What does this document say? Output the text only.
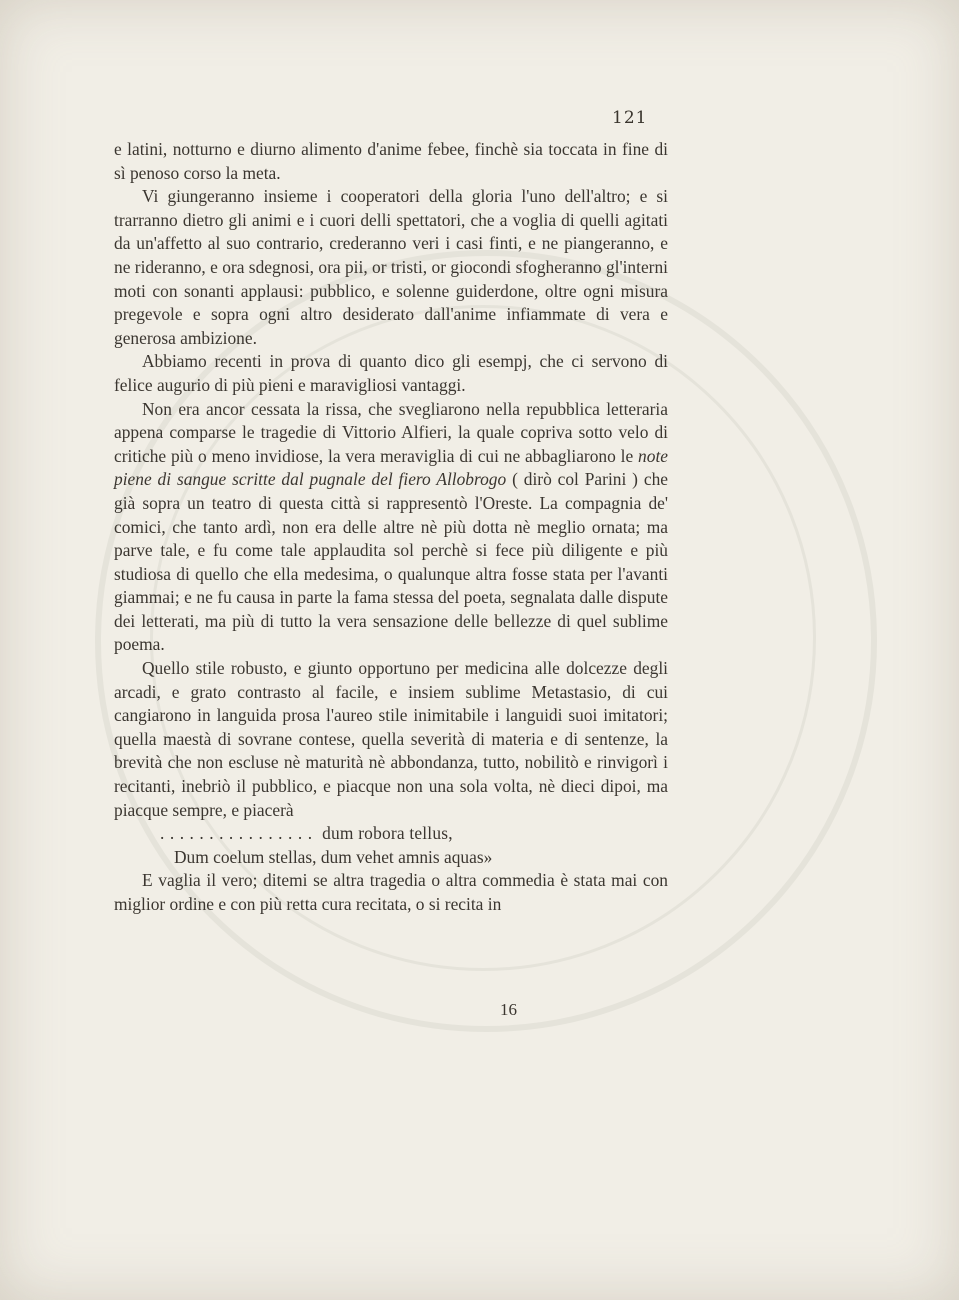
121

e latini, notturno e diurno alimento d'anime febee, finchè sia toccata in fine di sì penoso corso la meta.

Vi giungeranno insieme i cooperatori della gloria l'uno dell'altro; e si trarranno dietro gli animi e i cuori delli spettatori, che a voglia di quelli agitati da un'affetto al suo contrario, crederanno veri i casi finti, e ne piangeranno, e ne rideranno, e ora sdegnosi, ora pii, or tristi, or giocondi sfogheranno gl'interni moti con sonanti applausi: pubblico, e solenne guiderdone, oltre ogni misura pregevole e sopra ogni altro desiderato dall'anime infiammate di vera e generosa ambizione.

Abbiamo recenti in prova di quanto dico gli esempj, che ci servono di felice augurio di più pieni e maravigliosi vantaggi.

Non era ancor cessata la rissa, che svegliarono nella repubblica letteraria appena comparse le tragedie di Vittorio Alfieri, la quale copriva sotto velo di critiche più o meno invidiose, la vera meraviglia di cui ne abbagliarono le note piene di sangue scritte dal pugnale del fiero Allobrogo ( dirò col Parini ) che già sopra un teatro di questa città si rappresentò l'Oreste. La compagnia de' comici, che tanto ardì, non era delle altre nè più dotta nè meglio ornata; ma parve tale, e fu come tale applaudita sol perchè si fece più diligente e più studiosa di quello che ella medesima, o qualunque altra fosse stata per l'avanti giammai; e ne fu causa in parte la fama stessa del poeta, segnalata dalle dispute dei letterati, ma più di tutto la vera sensazione delle bellezze di quel sublime poema.

Quello stile robusto, e giunto opportuno per medicina alle dolcezze degli arcadi, e grato contrasto al facile, e insiem sublime Metastasio, di cui cangiarono in languida prosa l'aureo stile inimitabile i languidi suoi imitatori; quella maestà di sovrane contese, quella severità di materia e di sentenze, la brevità che non escluse nè maturità nè abbondanza, tutto, nobilitò e rinvigorì i recitanti, inebriò il pubblico, e piacque non una sola volta, nè dieci dipoi, ma piacque sempre, e piacerà

................ dum robora tellus,

Dum coelum stellas, dum vehet amnis aquas»

E vaglia il vero; ditemi se altra tragedia o altra commedia è stata mai con miglior ordine e con più retta cura recitata, o si recita in

16
